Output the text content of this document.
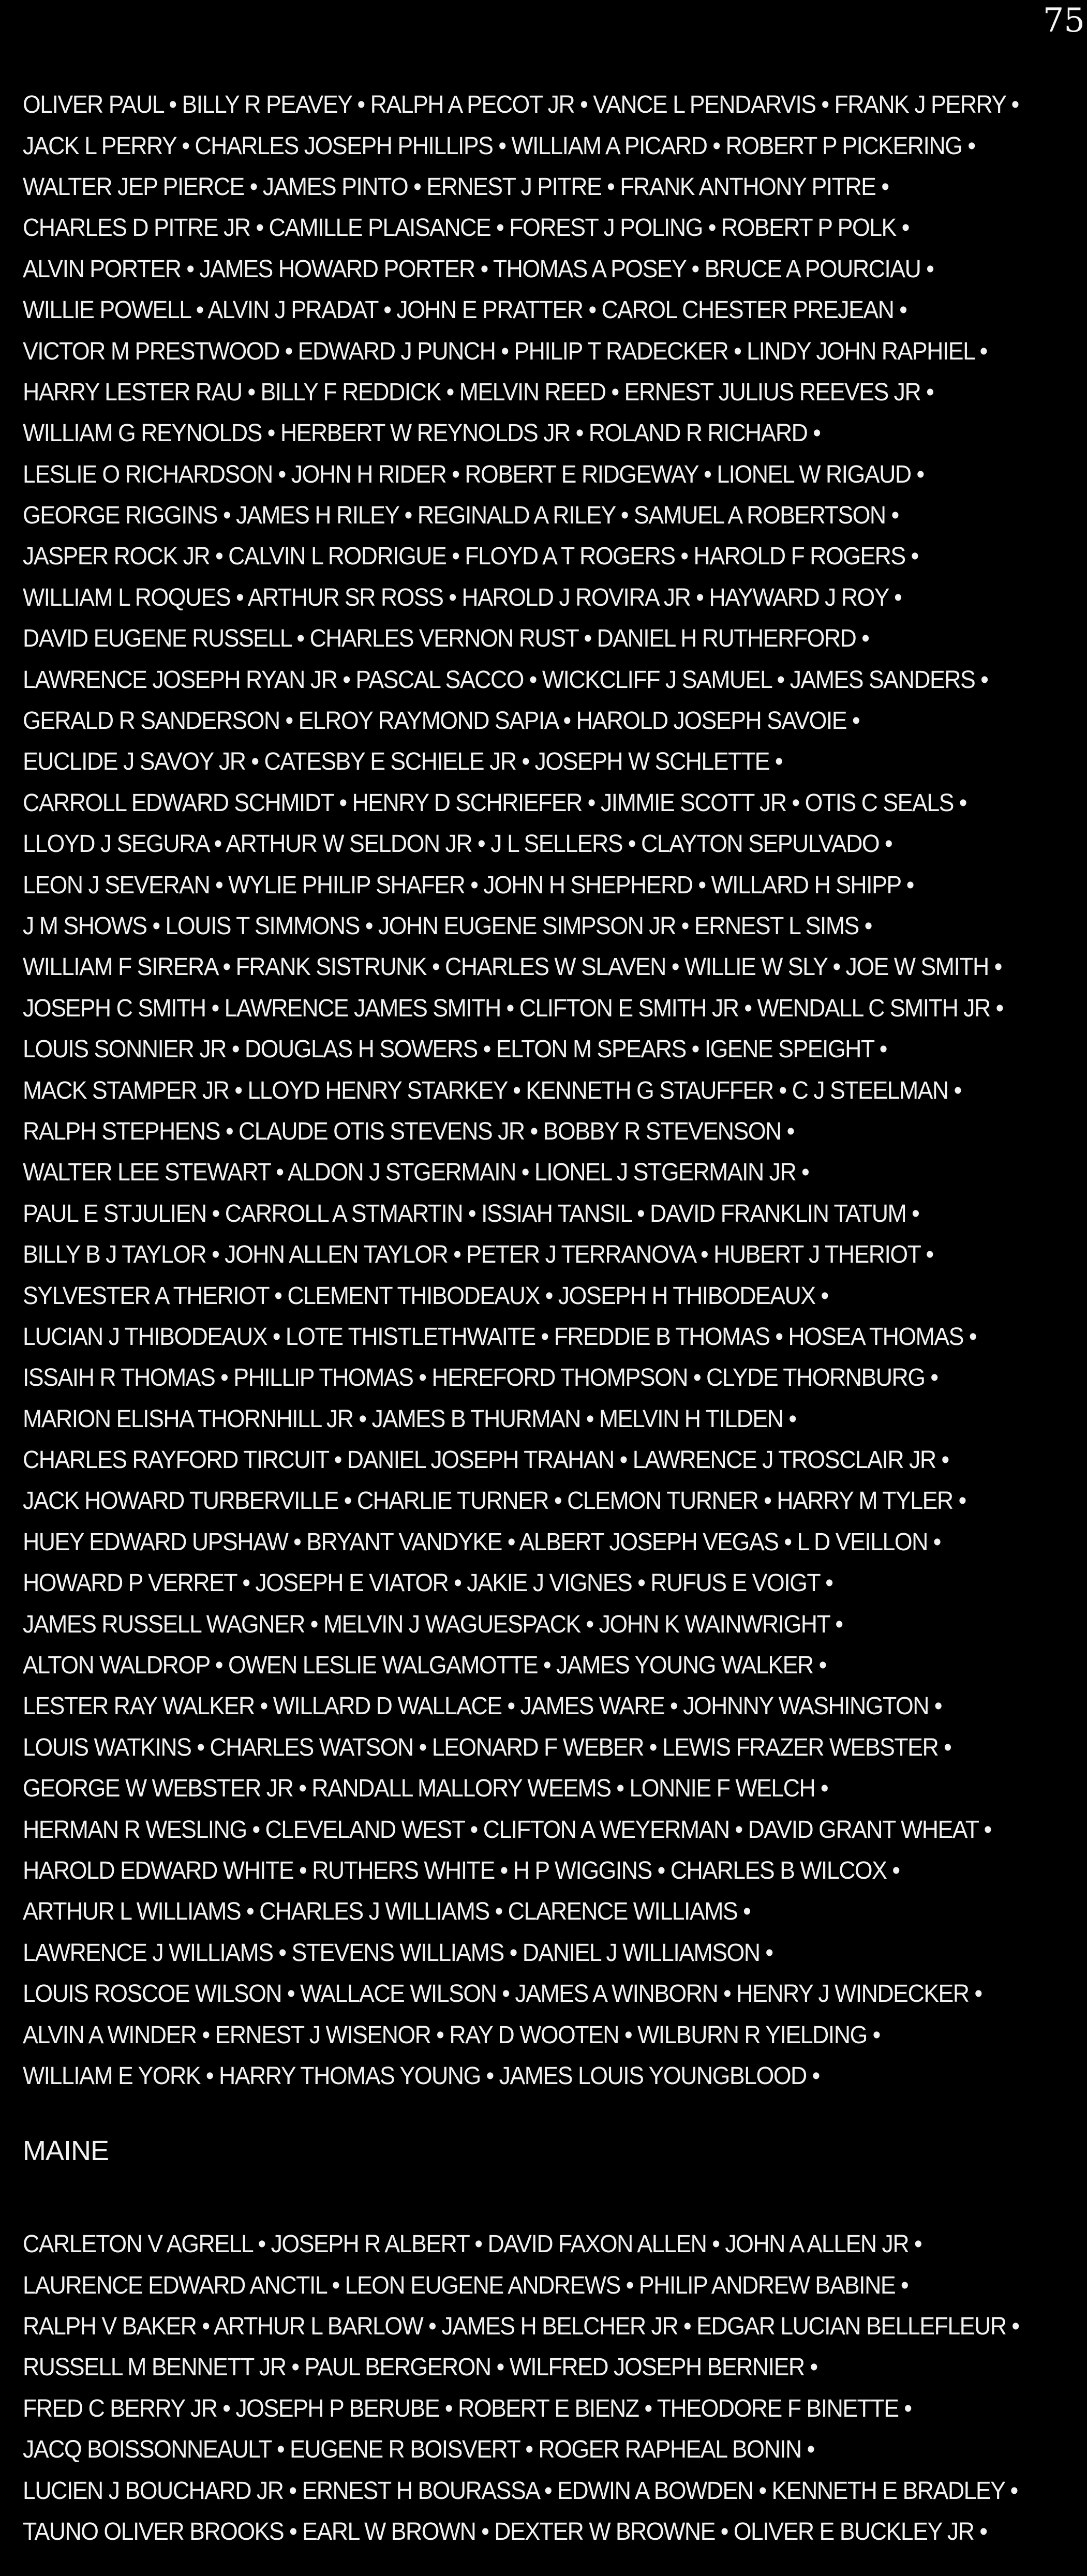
75
OLIVER PAUL • BILLY R PEAVEY • RALPH A PECOT JR • VANCE L PENDARVIS • FRANK J PERRY •
JACK L PERRY • CHARLES JOSEPH PHILLIPS • WILLIAM A PICARD • ROBERT P PICKERING •
WALTER JEP PIERCE • JAMES PINTO • ERNEST J PITRE • FRANK ANTHONY PITRE •
CHARLES D PITRE JR • CAMILLE PLAISANCE • FOREST J POLING • ROBERT P POLK •
ALVIN PORTER • JAMES HOWARD PORTER • THOMAS A POSEY • BRUCE A POURCIAU •
WILLIE POWELL • ALVIN J PRADAT • JOHN E PRATTER • CAROL CHESTER PREJEAN •
VICTOR M PRESTWOOD • EDWARD J PUNCH • PHILIP T RADECKER • LINDY JOHN RAPHIEL •
HARRY LESTER RAU • BILLY F REDDICK • MELVIN REED • ERNEST JULIUS REEVES JR •
WILLIAM G REYNOLDS • HERBERT W REYNOLDS JR • ROLAND R RICHARD •
LESLIE O RICHARDSON • JOHN H RIDER • ROBERT E RIDGEWAY • LIONEL W RIGAUD •
GEORGE RIGGINS • JAMES H RILEY • REGINALD A RILEY • SAMUEL A ROBERTSON •
JASPER ROCK JR • CALVIN L RODRIGUE • FLOYD A T ROGERS • HAROLD F ROGERS •
WILLIAM L ROQUES • ARTHUR SR ROSS • HAROLD J ROVIRA JR • HAYWARD J ROY •
DAVID EUGENE RUSSELL • CHARLES VERNON RUST • DANIEL H RUTHERFORD •
LAWRENCE JOSEPH RYAN JR • PASCAL SACCO • WICKCLIFF J SAMUEL • JAMES SANDERS •
GERALD R SANDERSON • ELROY RAYMOND SAPIA • HAROLD JOSEPH SAVOIE •
EUCLIDE J SAVOY JR • CATESBY E SCHIELE JR • JOSEPH W SCHLETTE •
CARROLL EDWARD SCHMIDT • HENRY D SCHRIEFER • JIMMIE SCOTT JR • OTIS C SEALS •
LLOYD J SEGURA • ARTHUR W SELDON JR • J L SELLERS • CLAYTON SEPULVADO •
LEON J SEVERAN • WYLIE PHILIP SHAFER • JOHN H SHEPHERD • WILLARD H SHIPP •
J M SHOWS • LOUIS T SIMMONS • JOHN EUGENE SIMPSON JR • ERNEST L SIMS •
WILLIAM F SIRERA • FRANK SISTRUNK • CHARLES W SLAVEN • WILLIE W SLY • JOE W SMITH •
JOSEPH C SMITH • LAWRENCE JAMES SMITH • CLIFTON E SMITH JR • WENDALL C SMITH JR •
LOUIS SONNIER JR • DOUGLAS H SOWERS • ELTON M SPEARS • IGENE SPEIGHT •
MACK STAMPER JR • LLOYD HENRY STARKEY • KENNETH G STAUFFER • C J STEELMAN •
RALPH STEPHENS • CLAUDE OTIS STEVENS JR • BOBBY R STEVENSON •
WALTER LEE STEWART • ALDON J STGERMAIN • LIONEL J STGERMAIN JR •
PAUL E STJULIEN • CARROLL A STMARTIN • ISSIAH TANSIL • DAVID FRANKLIN TATUM •
BILLY B J TAYLOR • JOHN ALLEN TAYLOR • PETER J TERRANOVA • HUBERT J THERIOT •
SYLVESTER A THERIOT • CLEMENT THIBODEAUX • JOSEPH H THIBODEAUX •
LUCIAN J THIBODEAUX • LOTE THISTLETHWAITE • FREDDIE B THOMAS • HOSEA THOMAS •
ISSAIH R THOMAS • PHILLIP THOMAS • HEREFORD THOMPSON • CLYDE THORNBURG •
MARION ELISHA THORNHILL JR • JAMES B THURMAN • MELVIN H TILDEN •
CHARLES RAYFORD TIRCUIT • DANIEL JOSEPH TRAHAN • LAWRENCE J TROSCLAIR JR •
JACK HOWARD TURBERVILLE • CHARLIE TURNER • CLEMON TURNER • HARRY M TYLER •
HUEY EDWARD UPSHAW • BRYANT VANDYKE • ALBERT JOSEPH VEGAS • L D VEILLON •
HOWARD P VERRET • JOSEPH E VIATOR • JAKIE J VIGNES • RUFUS E VOIGT •
JAMES RUSSELL WAGNER • MELVIN J WAGUESPACK • JOHN K WAINWRIGHT •
ALTON WALDROP • OWEN LESLIE WALGAMOTTE • JAMES YOUNG WALKER •
LESTER RAY WALKER • WILLARD D WALLACE • JAMES WARE • JOHNNY WASHINGTON •
LOUIS WATKINS • CHARLES WATSON • LEONARD F WEBER • LEWIS FRAZER WEBSTER •
GEORGE W WEBSTER JR • RANDALL MALLORY WEEMS • LONNIE F WELCH •
HERMAN R WESLING • CLEVELAND WEST • CLIFTON A WEYERMAN • DAVID GRANT WHEAT •
HAROLD EDWARD WHITE • RUTHERS WHITE • H P WIGGINS • CHARLES B WILCOX •
ARTHUR L WILLIAMS • CHARLES J WILLIAMS • CLARENCE WILLIAMS •
LAWRENCE J WILLIAMS • STEVENS WILLIAMS • DANIEL J WILLIAMSON •
LOUIS ROSCOE WILSON • WALLACE WILSON • JAMES A WINBORN • HENRY J WINDECKER •
ALVIN A WINDER • ERNEST J WISENOR • RAY D WOOTEN • WILBURN R YIELDING •
WILLIAM E YORK • HARRY THOMAS YOUNG • JAMES LOUIS YOUNGBLOOD •
MAINE
CARLETON V AGRELL • JOSEPH R ALBERT • DAVID FAXON ALLEN • JOHN A ALLEN JR •
LAURENCE EDWARD ANCTIL • LEON EUGENE ANDREWS • PHILIP ANDREW BABINE •
RALPH V BAKER • ARTHUR L BARLOW • JAMES H BELCHER JR • EDGAR LUCIAN BELLEFLEUR •
RUSSELL M BENNETT JR • PAUL BERGERON • WILFRED JOSEPH BERNIER •
FRED C BERRY JR • JOSEPH P BERUBE • ROBERT E BIENZ • THEODORE F BINETTE •
JACQ BOISSONNEAULT • EUGENE R BOISVERT • ROGER RAPHEAL BONIN •
LUCIEN J BOUCHARD JR • ERNEST H BOURASSA • EDWIN A BOWDEN • KENNETH E BRADLEY •
TAUNO OLIVER BROOKS • EARL W BROWN • DEXTER W BROWNE • OLIVER E BUCKLEY JR •
